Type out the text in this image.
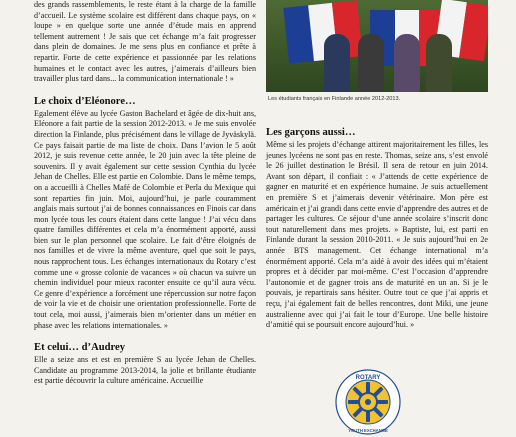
des grands rassemblements, le reste étant à la charge de la famille d’accueil. Le système scolaire est différent dans chaque pays, on « loupe » en quelque sorte une année d’étude mais en apprend tellement autrement ! Je sais que cet échange m’a fait progresser dans plein de domaines. Je me sens plus en confiance et prête à repartir. Forte de cette expérience et passionnée par les relations humaines et le contact avec les autres, j’aimerais d’ailleurs bien travailler plus tard dans... la communication internationale ! »

Le choix d’Eléonore…

Egalement élève au lycée Gaston Bachelard et âgée de dix-huit ans, Eléonore a fait partie de la session 2012-2013. « Je me suis envolée direction la Finlande, plus précisément dans le village de Jyväskylä. Ce pays faisait partie de ma liste de choix. Dans l’avion le 5 août 2012, je suis revenue cette année, le 20 juin avec la tête pleine de souvenirs. Il y avait également sur cette session Cynthia du lycée Jehan de Chelles. Elle est partie en Colombie. Dans le même temps, on a accueilli à Chelles Mafé de Colombie et Perla du Mexique qui sont reparties fin juin. Moi, aujourd’hui, je parle couramment anglais mais surtout j’ai de bonnes connaissances en Finois car dans mon lycée tous les cours étaient dans cette langue ! J’ai vécu dans quatre familles différentes et cela m’a énormément apporté, aussi bien sur le plan personnel que scolaire. Le fait d’être éloignés de nos familles et de vivre la même aventure, quel que soit le pays, nous rapprochent tous. Les échanges internationaux du Rotary c’est comme une « grosse colonie de vacances » où chacun va suivre un chemin individuel pour mieux raconter ensuite ce qu’il aura vécu. Ce genre d’expérience a forcément une répercussion sur notre façon de voir la vie et de choisir une orientation professionnelle. Forte de tout cela, moi aussi, j’aimerais bien m’orienter dans un métier en phase avec les relations internationales. »

Et celui… d’Audrey

Elle a seize ans et est en première S au lycée Jehan de Chelles. Candidate au programme 2013-2014, la jolie et brillante étudiante est partie découvrir la culture américaine. Accueillie

Les étudiants français en Finlande année 2012-2013.
Les garçons aussi…

Même si les projets d’échange attirent majoritairement les filles, les jeunes lycéens ne sont pas en reste. Thomas, seize ans, s’est envolé le 26 juillet destination le Brésil. Il sera de retour en juin 2014. Avant son départ, il confiait : « J’attends de cette expérience de gagner en maturité et en expérience humaine. Je suis actuellement en première S et j’aimerais devenir vétérinaire. Mon père est américain et j’ai grandi dans cette envie d’apprendre des autres et de partager les cultures. Ce séjour d’une année scolaire s’inscrit donc tout naturellement dans mes projets. » Baptiste, lui, est parti en Finlande durant la session 2010-2011. « Je suis aujourd’hui en 2e année BTS management. Cet échange international m’a énormément apporté. Cela m’a aidé à avoir des idées qui m’étaient propres et à décider par moi-même. C’est l’occasion d’apprendre l’autonomie et de gagner trois ans de maturité en un an. Si je le pouvais, je repartirais sans hésiter. Outre tout ce que j’ai appris et reçu, j’ai également fait de belles rencontres, dont Miki, une jeune australienne avec qui j’ai fait le tour d’Europe. Une belle histoire d’amitié qui se poursuit encore aujourd’hui. »

ROTARY
YOUTH EXCHANGE
